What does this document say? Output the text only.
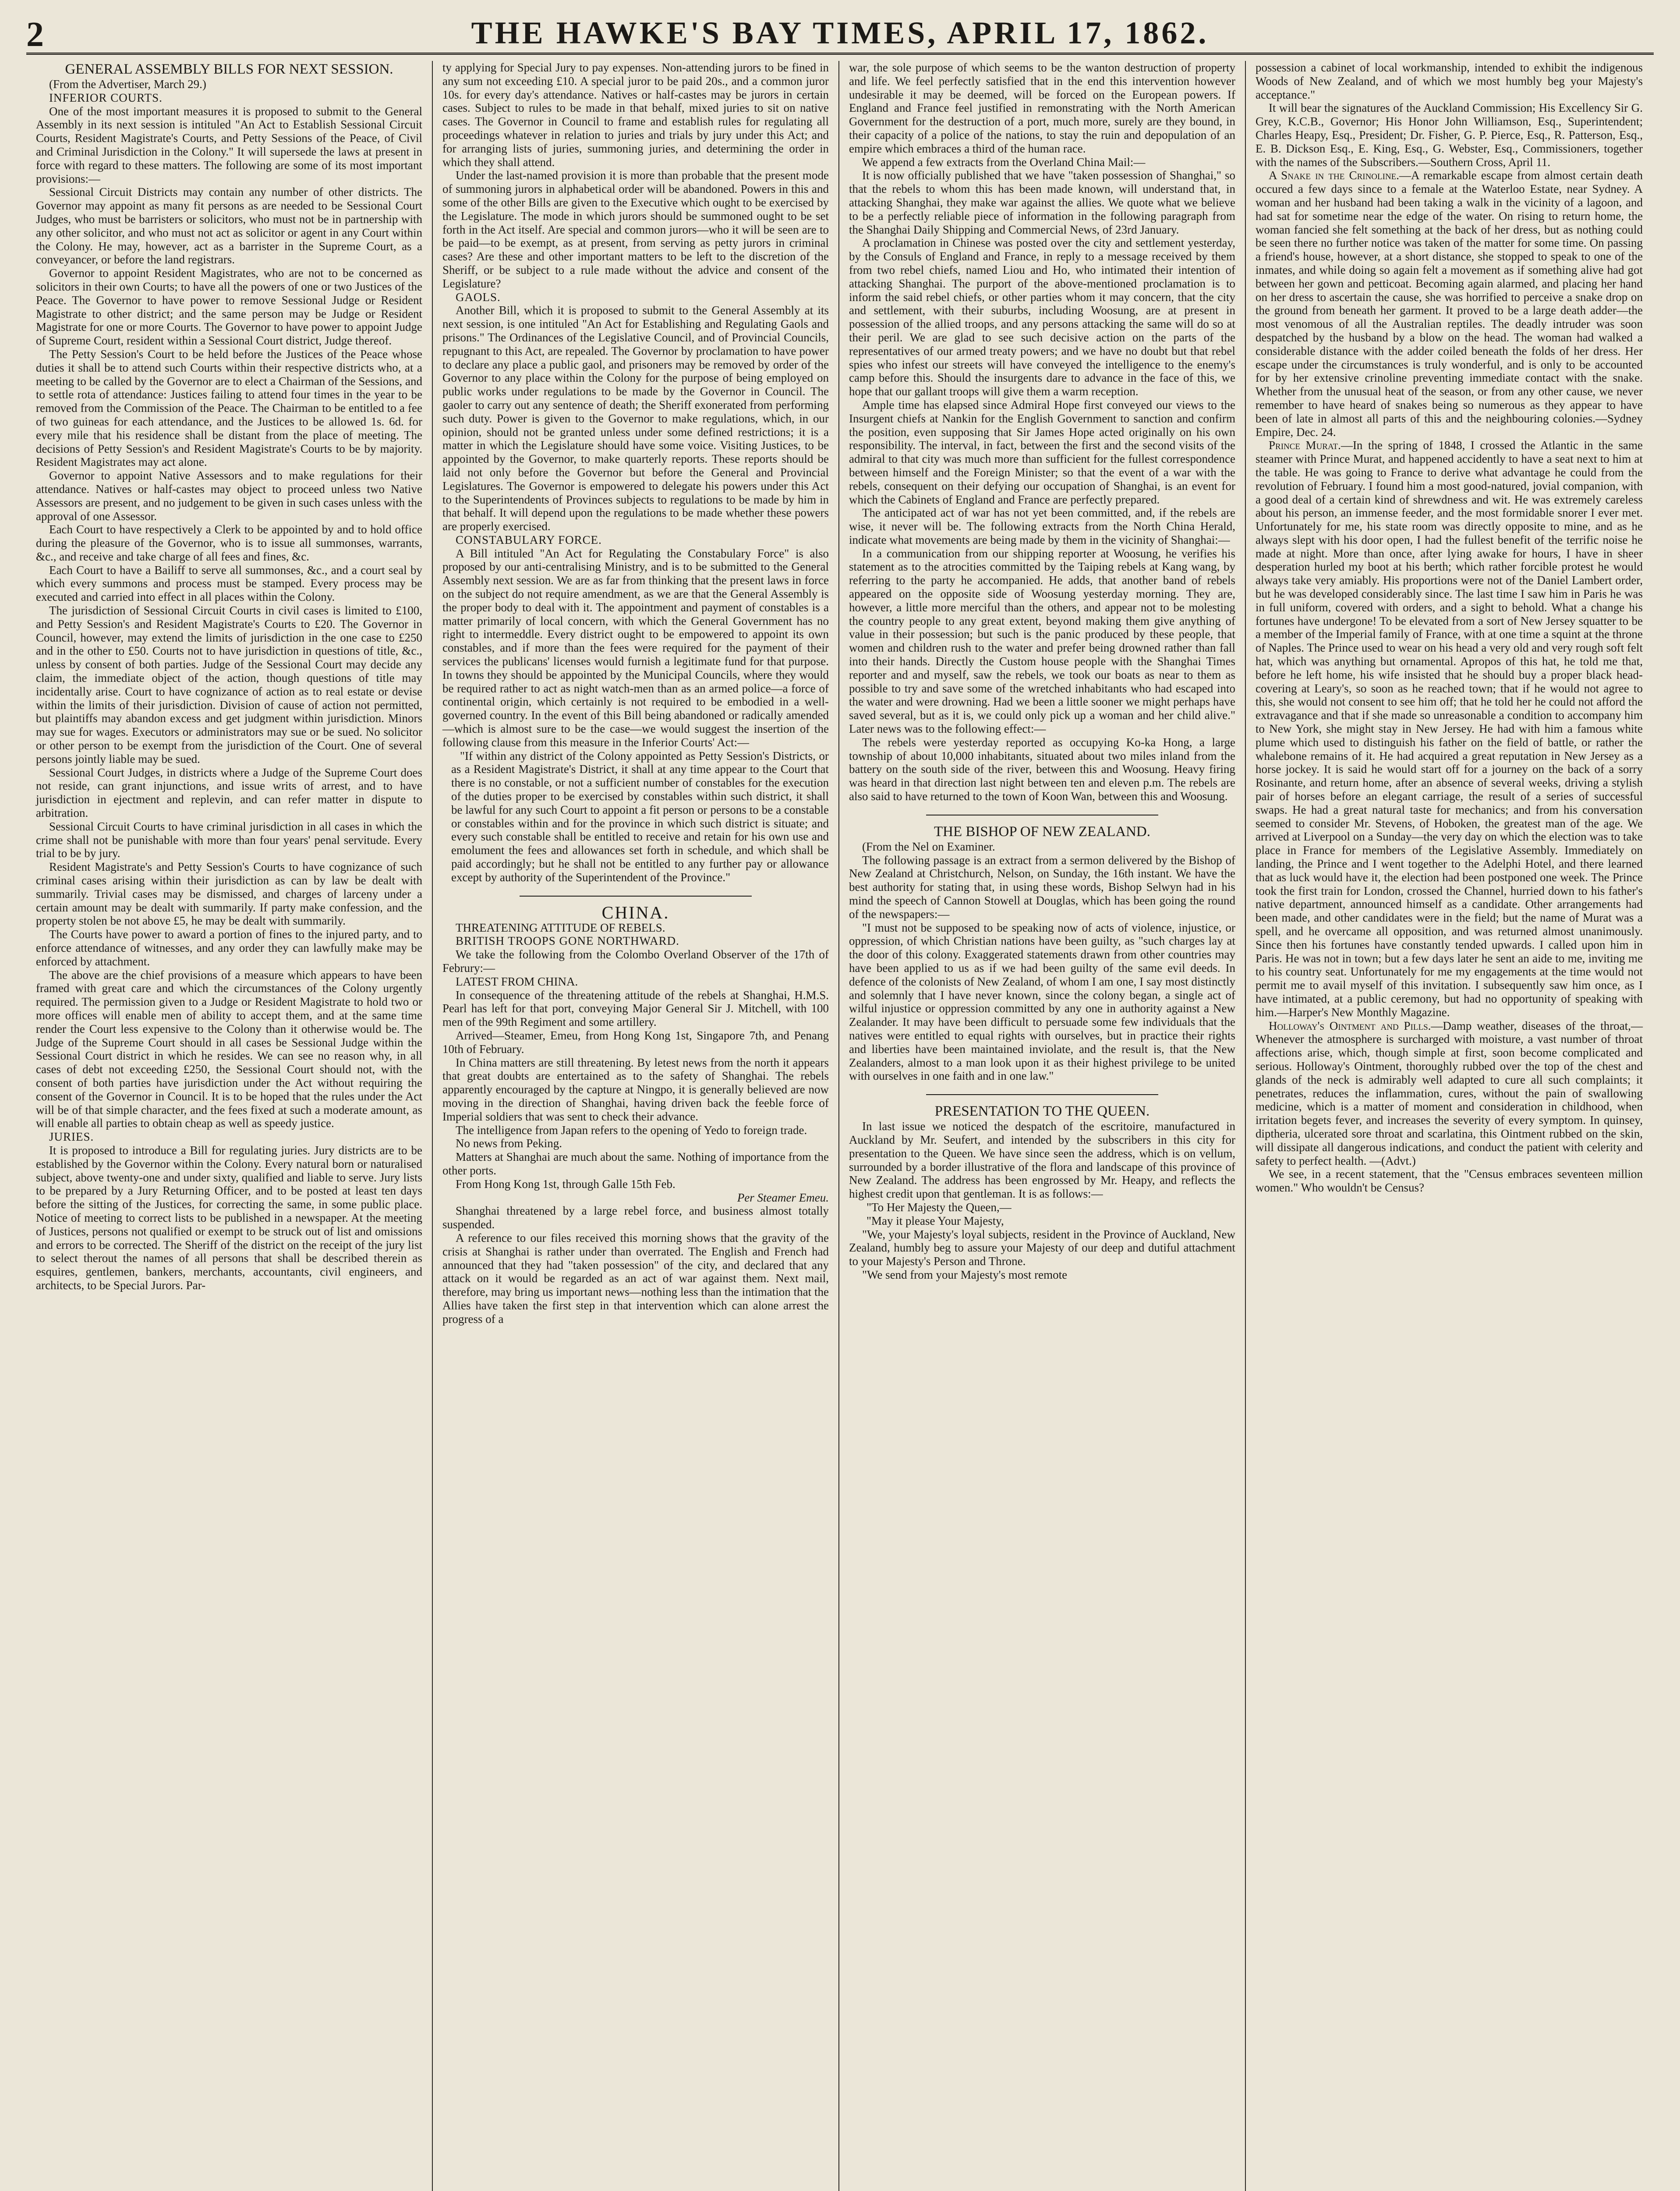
2	THE HAWKE'S BAY TIMES, APRIL 17, 1862.
GENERAL ASSEMBLY BILLS FOR NEXT SESSION.

(From the Advertiser, March 29.)

INFERIOR COURTS.

One of the most important measures it is proposed to submit to the General Assembly in its next session is intituled "An Act to Establish Sessional Circuit Courts, Resident Magistrate's Courts, and Petty Sessions of the Peace, of Civil and Criminal Jurisdiction in the Colony." It will supersede the laws at present in force with regard to these matters. The following are some of its most important provisions:—

Sessional Circuit Districts may contain any number of other districts. The Governor may appoint as many fit persons as are needed to be Sessional Court Judges, who must be barristers or solicitors, who must not be in partnership with any other solicitor, and who must not act as solicitor or agent in any Court within the Colony. He may, however, act as a barrister in the Supreme Court, as a conveyancer, or before the land registrars.

Governor to appoint Resident Magistrates, who are not to be concerned as solicitors in their own Courts; to have all the powers of one or two Justices of the Peace. The Governor to have power to remove Sessional Judge or Resident Magistrate to other district; and the same person may be Judge or Resident Magistrate for one or more Courts. The Governor to have power to appoint Judge of Supreme Court, resident within a Sessional Court district, Judge thereof.

The Petty Session's Court to be held before the Justices of the Peace whose duties it shall be to attend such Courts within their respective districts who, at a meeting to be called by the Governor are to elect a Chairman of the Sessions, and to settle rota of attendance: Justices failing to attend four times in the year to be removed from the Commission of the Peace. The Chairman to be entitled to a fee of two guineas for each attendance, and the Justices to be allowed 1s. 6d. for every mile that his residence shall be distant from the place of meeting. The decisions of Petty Session's and Resident Magistrate's Courts to be by majority. Resident Magistrates may act alone.

Governor to appoint Native Assessors and to make regulations for their attendance. Natives or half-castes may object to proceed unless two Native Assessors are present, and no judgement to be given in such cases unless with the approval of one Assessor.

Each Court to have respectively a Clerk to be appointed by and to hold office during the pleasure of the Governor, who is to issue all summonses, warrants, &c., and receive and take charge of all fees and fines, &c.

Each Court to have a Bailiff to serve all summonses, &c., and a court seal by which every summons and process must be stamped. Every process may be executed and carried into effect in all places within the Colony.

The jurisdiction of Sessional Circuit Courts in civil cases is limited to £100, and Petty Session's and Resident Magistrate's Courts to £20. The Governor in Council, however, may extend the limits of jurisdiction in the one case to £250 and in the other to £50. Courts not to have jurisdiction in questions of title, &c., unless by consent of both parties. Judge of the Sessional Court may decide any claim, the immediate object of the action, though questions of title may incidentally arise. Court to have cognizance of action as to real estate or devise within the limits of their jurisdiction. Division of cause of action not permitted, but plaintiffs may abandon excess and get judgment within jurisdiction. Minors may sue for wages. Executors or administrators may sue or be sued. No solicitor or other person to be exempt from the jurisdiction of the Court. One of several persons jointly liable may be sued.

Sessional Court Judges, in districts where a Judge of the Supreme Court does not reside, can grant injunctions, and issue writs of arrest, and to have jurisdiction in ejectment and replevin, and can refer matter in dispute to arbitration.

Sessional Circuit Courts to have criminal jurisdiction in all cases in which the crime shall not be punishable with more than four years' penal servitude. Every trial to be by jury.

Resident Magistrate's and Petty Session's Courts to have cognizance of such criminal cases arising within their jurisdiction as can by law be dealt with summarily. Trivial cases may be dismissed, and charges of larceny under a certain amount may be dealt with summarily. If party make confession, and the property stolen be not above £5, he may be dealt with summarily.

The Courts have power to award a portion of fines to the injured party, and to enforce attendance of witnesses, and any order they can lawfully make may be enforced by attachment.

The above are the chief provisions of a measure which appears to have been framed with great care and which the circumstances of the Colony urgently required. The permission given to a Judge or Resident Magistrate to hold two or more offices will enable men of ability to accept them, and at the same time render the Court less expensive to the Colony than it otherwise would be. The Judge of the Supreme Court should in all cases be Sessional Judge within the Sessional Court district in which he resides. We can see no reason why, in all cases of debt not exceeding £250, the Sessional Court should not, with the consent of both parties have jurisdiction under the Act without requiring the consent of the Governor in Council. It is to be hoped that the rules under the Act will be of that simple character, and the fees fixed at such a moderate amount, as will enable all parties to obtain cheap as well as speedy justice.

JURIES.

It is proposed to introduce a Bill for regulating juries. Jury districts are to be established by the Governor within the Colony. Every natural born or naturalised subject, above twenty-one and under sixty, qualified and liable to serve. Jury lists to be prepared by a Jury Returning Officer, and to be posted at least ten days before the sitting of the Justices, for correcting the same, in some public place. Notice of meeting to correct lists to be published in a newspaper. At the meeting of Justices, persons not qualified or exempt to be struck out of list and omissions and errors to be corrected. The Sheriff of the district on the receipt of the jury list to select therout the names of all persons that shall be described therein as esquires, gentlemen, bankers, merchants, accountants, civil engineers, and architects, to be Special Jurors. Par-

ty applying for Special Jury to pay expenses. Non-attending jurors to be fined in any sum not exceeding £10. A special juror to be paid 20s., and a common juror 10s. for every day's attendance. Natives or half-castes may be jurors in certain cases. Subject to rules to be made in that behalf, mixed juries to sit on native cases. The Governor in Council to frame and establish rules for regulating all proceedings whatever in relation to juries and trials by jury under this Act; and for arranging lists of juries, summoning juries, and determining the order in which they shall attend.

Under the last-named provision it is more than probable that the present mode of summoning jurors in alphabetical order will be abandoned. Powers in this and some of the other Bills are given to the Executive which ought to be exercised by the Legislature. The mode in which jurors should be summoned ought to be set forth in the Act itself. Are special and common jurors—who it will be seen are to be paid—to be exempt, as at present, from serving as petty jurors in criminal cases? Are these and other important matters to be left to the discretion of the Sheriff, or be subject to a rule made without the advice and consent of the Legislature?

GAOLS.

Another Bill, which it is proposed to submit to the General Assembly at its next session, is one intituled "An Act for Establishing and Regulating Gaols and prisons." The Ordinances of the Legislative Council, and of Provincial Councils, repugnant to this Act, are repealed. The Governor by proclamation to have power to declare any place a public gaol, and prisoners may be removed by order of the Governor to any place within the Colony for the purpose of being employed on public works under regulations to be made by the Governor in Council. The gaoler to carry out any sentence of death; the Sheriff exonerated from performing such duty. Power is given to the Governor to make regulations, which, in our opinion, should not be granted unless under some defined restrictions; it is a matter in which the Legislature should have some voice. Visiting Justices, to be appointed by the Governor, to make quarterly reports. These reports should be laid not only before the Governor but before the General and Provincial Legislatures. The Governor is empowered to delegate his powers under this Act to the Superintendents of Provinces subjects to regulations to be made by him in that behalf. It will depend upon the regulations to be made whether these powers are properly exercised.

CONSTABULARY FORCE.

A Bill intituled "An Act for Regulating the Constabulary Force" is also proposed by our anti-centralising Ministry, and is to be submitted to the General Assembly next session. We are as far from thinking that the present laws in force on the subject do not require amendment, as we are that the General Assembly is the proper body to deal with it. The appointment and payment of constables is a matter primarily of local concern, with which the General Government has no right to intermeddle. Every district ought to be empowered to appoint its own constables, and if more than the fees were required for the payment of their services the publicans' licenses would furnish a legitimate fund for that purpose. In towns they should be appointed by the Municipal Councils, where they would be required rather to act as night watch-men than as an armed police—a force of continental origin, which certainly is not required to be embodied in a well-governed country. In the event of this Bill being abandoned or radically amended—which is almost sure to be the case—we would suggest the insertion of the following clause from this measure in the Inferior Courts' Act:—

"If within any district of the Colony appointed as Petty Session's Districts, or as a Resident Magistrate's District, it shall at any time appear to the Court that there is no constable, or not a sufficient number of constables for the execution of the duties proper to be exercised by constables within such district, it shall be lawful for any such Court to appoint a fit person or persons to be a constable or constables within and for the province in which such district is situate; and every such constable shall be entitled to receive and retain for his own use and emolument the fees and allowances set forth in schedule, and which shall be paid accordingly; but he shall not be entitled to any further pay or allowance except by authority of the Superintendent of the Province."

CHINA.

THREATENING ATTITUDE OF REBELS.

BRITISH TROOPS GONE NORTHWARD.

We take the following from the Colombo Overland Observer of the 17th of Februry:—

LATEST FROM CHINA.

In consequence of the threatening attitude of the rebels at Shanghai, H.M.S. Pearl has left for that port, conveying Major General Sir J. Mitchell, with 100 men of the 99th Regiment and some artillery.

Arrived—Steamer, Emeu, from Hong Kong 1st, Singapore 7th, and Penang 10th of February.

In China matters are still threatening. By letest news from the north it appears that great doubts are entertained as to the safety of Shanghai. The rebels apparently encouraged by the capture at Ningpo, it is generally believed are now moving in the direction of Shanghai, having driven back the feeble force of Imperial soldiers that was sent to check their advance.

The intelligence from Japan refers to the opening of Yedo to foreign trade.

No news from Peking.

Matters at Shanghai are much about the same. Nothing of importance from the other ports.

From Hong Kong 1st, through Galle 15th Feb.

Per Steamer Emeu.

Shanghai threatened by a large rebel force, and business almost totally suspended.

A reference to our files received this morning shows that the gravity of the crisis at Shanghai is rather under than overrated. The English and French had announced that they had "taken possession" of the city, and declared that any attack on it would be regarded as an act of war against them. Next mail, therefore, may bring us important news—nothing less than the intimation that the Allies have taken the first step in that intervention which can alone arrest the progress of a

war, the sole purpose of which seems to be the wanton destruction of property and life. We feel perfectly satisfied that in the end this intervention however undesirable it may be deemed, will be forced on the European powers. If England and France feel justified in remonstrating with the North American Government for the destruction of a port, much more, surely are they bound, in their capacity of a police of the nations, to stay the ruin and depopulation of an empire which embraces a third of the human race.

We append a few extracts from the Overland China Mail:—

It is now officially published that we have "taken possession of Shanghai," so that the rebels to whom this has been made known, will understand that, in attacking Shanghai, they make war against the allies. We quote what we believe to be a perfectly reliable piece of information in the following paragraph from the Shanghai Daily Shipping and Commercial News, of 23rd January.

A proclamation in Chinese was posted over the city and settlement yesterday, by the Consuls of England and France, in reply to a message received by them from two rebel chiefs, named Liou and Ho, who intimated their intention of attacking Shanghai. The purport of the above-mentioned proclamation is to inform the said rebel chiefs, or other parties whom it may concern, that the city and settlement, with their suburbs, including Woosung, are at present in possession of the allied troops, and any persons attacking the same will do so at their peril. We are glad to see such decisive action on the parts of the representatives of our armed treaty powers; and we have no doubt but that rebel spies who infest our streets will have conveyed the intelligence to the enemy's camp before this. Should the insurgents dare to advance in the face of this, we hope that our gallant troops will give them a warm reception.

Ample time has elapsed since Admiral Hope first conveyed our views to the Insurgent chiefs at Nankin for the English Government to sanction and confirm the position, even supposing that Sir James Hope acted originally on his own responsibility. The interval, in fact, between the first and the second visits of the admiral to that city was much more than sufficient for the fullest correspondence between himself and the Foreign Minister; so that the event of a war with the rebels, consequent on their defying our occupation of Shanghai, is an event for which the Cabinets of England and France are perfectly prepared.

The anticipated act of war has not yet been committed, and, if the rebels are wise, it never will be. The following extracts from the North China Herald, indicate what movements are being made by them in the vicinity of Shanghai:—

In a communication from our shipping reporter at Woosung, he verifies his statement as to the atrocities committed by the Taiping rebels at Kang wang, by referring to the party he accompanied. He adds, that another band of rebels appeared on the opposite side of Woosung yesterday morning. They are, however, a little more merciful than the others, and appear not to be molesting the country people to any great extent, beyond making them give anything of value in their possession; but such is the panic produced by these people, that women and children rush to the water and prefer being drowned rather than fall into their hands. Directly the Custom house people with the Shanghai Times reporter and and myself, saw the rebels, we took our boats as near to them as possible to try and save some of the wretched inhabitants who had escaped into the water and were drowning. Had we been a little sooner we might perhaps have saved several, but as it is, we could only pick up a woman and her child alive." Later news was to the following effect:—

The rebels were yesterday reported as occupying Ko-ka Hong, a large township of about 10,000 inhabitants, situated about two miles inland from the battery on the south side of the river, between this and Woosung. Heavy firing was heard in that direction last night between ten and eleven p.m. The rebels are also said to have returned to the town of Koon Wan, between this and Woosung.

THE BISHOP OF NEW ZEALAND.

(From the Nel on Examiner.

The following passage is an extract from a sermon delivered by the Bishop of New Zealand at Christchurch, Nelson, on Sunday, the 16th instant. We have the best authority for stating that, in using these words, Bishop Selwyn had in his mind the speech of Cannon Stowell at Douglas, which has been going the round of the newspapers:—

"I must not be supposed to be speaking now of acts of violence, injustice, or oppression, of which Christian nations have been guilty, as "such charges lay at the door of this colony. Exaggerated statements drawn from other countries may have been applied to us as if we had been guilty of the same evil deeds. In defence of the colonists of New Zealand, of whom I am one, I say most distinctly and solemnly that I have never known, since the colony began, a single act of wilful injustice or oppression committed by any one in authority against a New Zealander. It may have been difficult to persuade some few individuals that the natives were entitled to equal rights with ourselves, but in practice their rights and liberties have been maintained inviolate, and the result is, that the New Zealanders, almost to a man look upon it as their highest privilege to be united with ourselves in one faith and in one law."

PRESENTATION TO THE QUEEN.

In last issue we noticed the despatch of the escritoire, manufactured in Auckland by Mr. Seufert, and intended by the subscribers in this city for presentation to the Queen. We have since seen the address, which is on vellum, surrounded by a border illustrative of the flora and landscape of this province of New Zealand. The address has been engrossed by Mr. Heapy, and reflects the highest credit upon that gentleman. It is as follows:—

"To Her Majesty the Queen,—

"May it please Your Majesty,

"We, your Majesty's loyal subjects, resident in the Province of Auckland, New Zealand, humbly beg to assure your Majesty of our deep and dutiful attachment to your Majesty's Person and Throne.

"We send from your Majesty's most remote

possession a cabinet of local workmanship, intended to exhibit the indigenous Woods of New Zealand, and of which we most humbly beg your Majesty's acceptance."

It will bear the signatures of the Auckland Commission; His Excellency Sir G. Grey, K.C.B., Governor; His Honor John Williamson, Esq., Superintendent; Charles Heapy, Esq., President; Dr. Fisher, G. P. Pierce, Esq., R. Patterson, Esq., E. B. Dickson Esq., E. King, Esq., G. Webster, Esq., Commissioners, together with the names of the Subscribers.—Southern Cross, April 11.

A Snake in the Crinoline.—A remarkable escape from almost certain death occured a few days since to a female at the Waterloo Estate, near Sydney. A woman and her husband had been taking a walk in the vicinity of a lagoon, and had sat for sometime near the edge of the water. On rising to return home, the woman fancied she felt something at the back of her dress, but as nothing could be seen there no further notice was taken of the matter for some time. On passing a friend's house, however, at a short distance, she stopped to speak to one of the inmates, and while doing so again felt a movement as if something alive had got between her gown and petticoat. Becoming again alarmed, and placing her hand on her dress to ascertain the cause, she was horrified to perceive a snake drop on the ground from beneath her garment. It proved to be a large death adder—the most venomous of all the Australian reptiles. The deadly intruder was soon despatched by the husband by a blow on the head. The woman had walked a considerable distance with the adder coiled beneath the folds of her dress. Her escape under the circumstances is truly wonderful, and is only to be accounted for by her extensive crinoline preventing immediate contact with the snake. Whether from the unusual heat of the season, or from any other cause, we never remember to have heard of snakes being so numerous as they appear to have been of late in almost all parts of this and the neighbouring colonies.—Sydney Empire, Dec. 24.

Prince Murat.—In the spring of 1848, I crossed the Atlantic in the same steamer with Prince Murat, and happened accidently to have a seat next to him at the table. He was going to France to derive what advantage he could from the revolution of February. I found him a most good-natured, jovial companion, with a good deal of a certain kind of shrewdness and wit. He was extremely careless about his person, an immense feeder, and the most formidable snorer I ever met. Unfortunately for me, his state room was directly opposite to mine, and as he always slept with his door open, I had the fullest benefit of the terrific noise he made at night. More than once, after lying awake for hours, I have in sheer desperation hurled my boot at his berth; which rather forcible protest he would always take very amiably. His proportions were not of the Daniel Lambert order, but he was developed considerably since. The last time I saw him in Paris he was in full uniform, covered with orders, and a sight to behold. What a change his fortunes have undergone! To be elevated from a sort of New Jersey squatter to be a member of the Imperial family of France, with at one time a squint at the throne of Naples. The Prince used to wear on his head a very old and very rough soft felt hat, which was anything but ornamental. Apropos of this hat, he told me that, before he left home, his wife insisted that he should buy a proper black head-covering at Leary's, so soon as he reached town; that if he would not agree to this, she would not consent to see him off; that he told her he could not afford the extravagance and that if she made so unreasonable a condition to accompany him to New York, she might stay in New Jersey. He had with him a famous white plume which used to distinguish his father on the field of battle, or rather the whalebone remains of it. He had acquired a great reputation in New Jersey as a horse jockey. It is said he would start off for a journey on the back of a sorry Rosinante, and return home, after an absence of several weeks, driving a stylish pair of horses before an elegant carriage, the result of a series of successful swaps. He had a great natural taste for mechanics; and from his conversation seemed to consider Mr. Stevens, of Hoboken, the greatest man of the age. We arrived at Liverpool on a Sunday—the very day on which the election was to take place in France for members of the Legislative Assembly. Immediately on landing, the Prince and I went together to the Adelphi Hotel, and there learned that as luck would have it, the election had been postponed one week. The Prince took the first train for London, crossed the Channel, hurried down to his father's native department, announced himself as a candidate. Other arrangements had been made, and other candidates were in the field; but the name of Murat was a spell, and he overcame all opposition, and was returned almost unanimously. Since then his fortunes have constantly tended upwards. I called upon him in Paris. He was not in town; but a few days later he sent an aide to me, inviting me to his country seat. Unfortunately for me my engagements at the time would not permit me to avail myself of this invitation. I subsequently saw him once, as I have intimated, at a public ceremony, but had no opportunity of speaking with him.—Harper's New Monthly Magazine.

Holloway's Ointment and Pills.—Damp weather, diseases of the throat,—Whenever the atmosphere is surcharged with moisture, a vast number of throat affections arise, which, though simple at first, soon become complicated and serious. Holloway's Ointment, thoroughly rubbed over the top of the chest and glands of the neck is admirably well adapted to cure all such complaints; it penetrates, reduces the inflammation, cures, without the pain of swallowing medicine, which is a matter of moment and consideration in childhood, when irritation begets fever, and increases the severity of every symptom. In quinsey, diptheria, ulcerated sore throat and scarlatina, this Ointment rubbed on the skin, will dissipate all dangerous indications, and conduct the patient with celerity and safety to perfect health. —(Advt.)

We see, in a recent statement, that the "Census embraces seventeen million women." Who wouldn't be Census?
